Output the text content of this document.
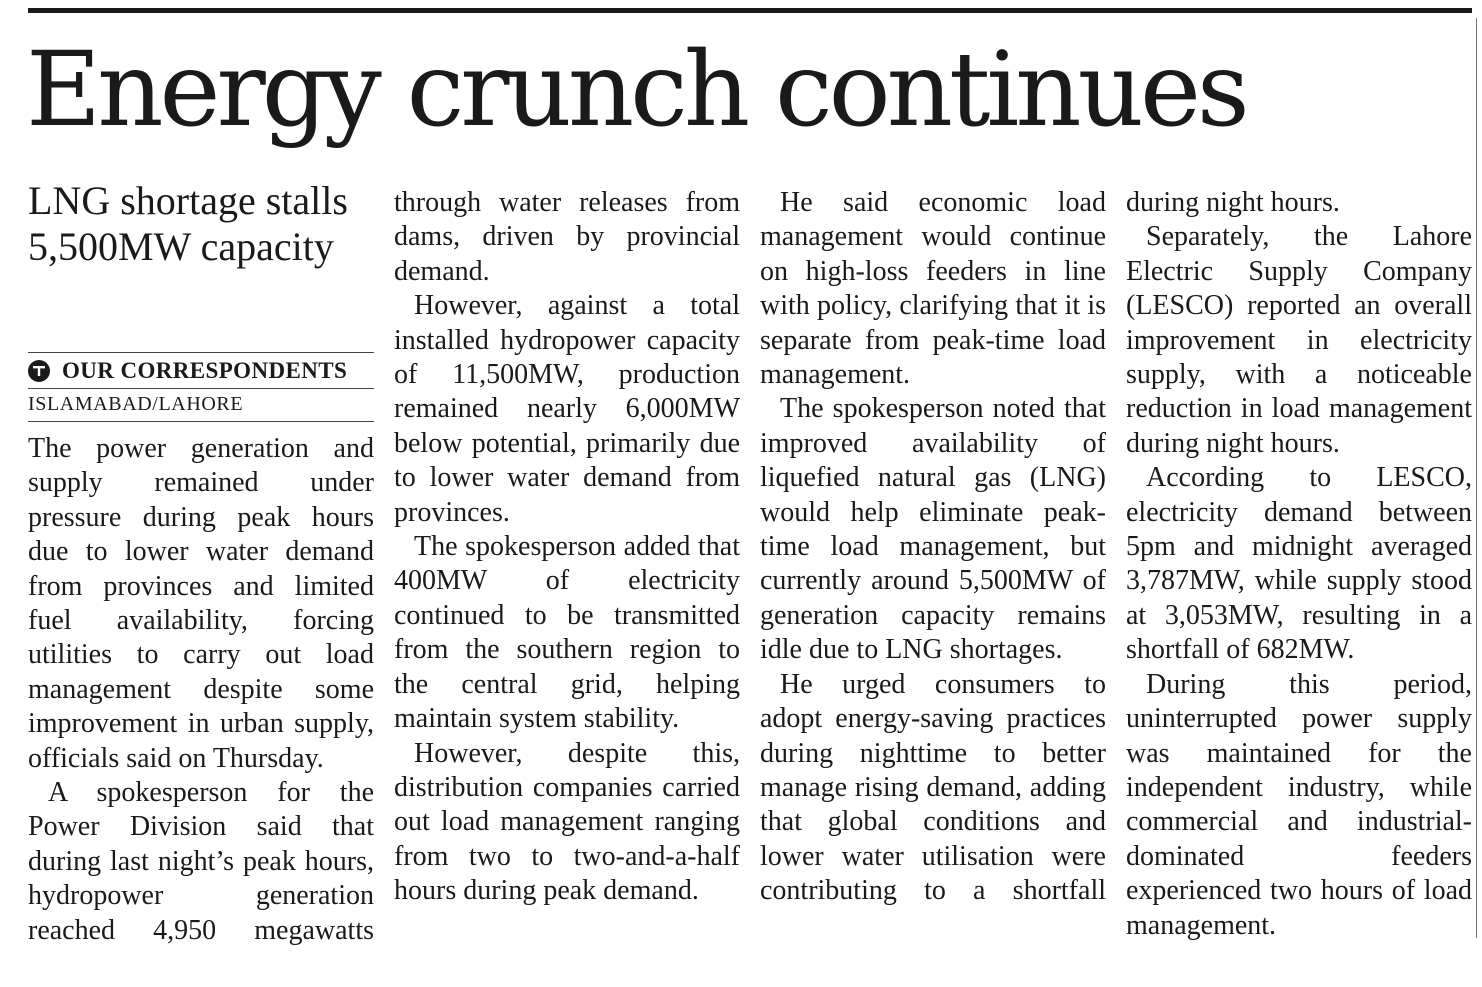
Energy crunch continues
LNG shortage stalls 5,500MW capacity
OUR CORRESPONDENTS
ISLAMABAD/LAHORE

The power generation and supply remained under pressure during peak hours due to lower water demand from provinces and limited fuel availability, forcing utilities to carry out load management despite some improvement in urban supply, officials said on Thursday.

A spokesperson for the Power Division said that during last night’s peak hours, hydropower generation reached 4,950 megawatts

through water releases from dams, driven by provincial demand.

However, against a total installed hydropower capacity of 11,500MW, production remained nearly 6,000MW below potential, primarily due to lower water demand from provinces.

The spokesperson added that 400MW of electricity continued to be transmitted from the southern region to the central grid, helping maintain system stability.

However, despite this, distribution companies carried out load management ranging from two to two-and-a-half hours during peak demand.

He said economic load management would continue on high-loss feeders in line with policy, clarifying that it is separate from peak-time load management.

The spokesperson noted that improved availability of liquefied natural gas (LNG) would help eliminate peak-time load management, but currently around 5,500MW of generation capacity remains idle due to LNG shortages.

He urged consumers to adopt energy-saving practices during nighttime to better manage rising demand, adding that global conditions and lower water utilisation were contributing to a shortfall

during night hours.

Separately, the Lahore Electric Supply Company (LESCO) reported an overall improvement in electricity supply, with a noticeable reduction in load management during night hours.

According to LESCO, electricity demand between 5pm and midnight averaged 3,787MW, while supply stood at 3,053MW, resulting in a shortfall of 682MW.

During this period, uninterrupted power supply was maintained for the independent industry, while commercial and industrial-dominated feeders experienced two hours of load management.
